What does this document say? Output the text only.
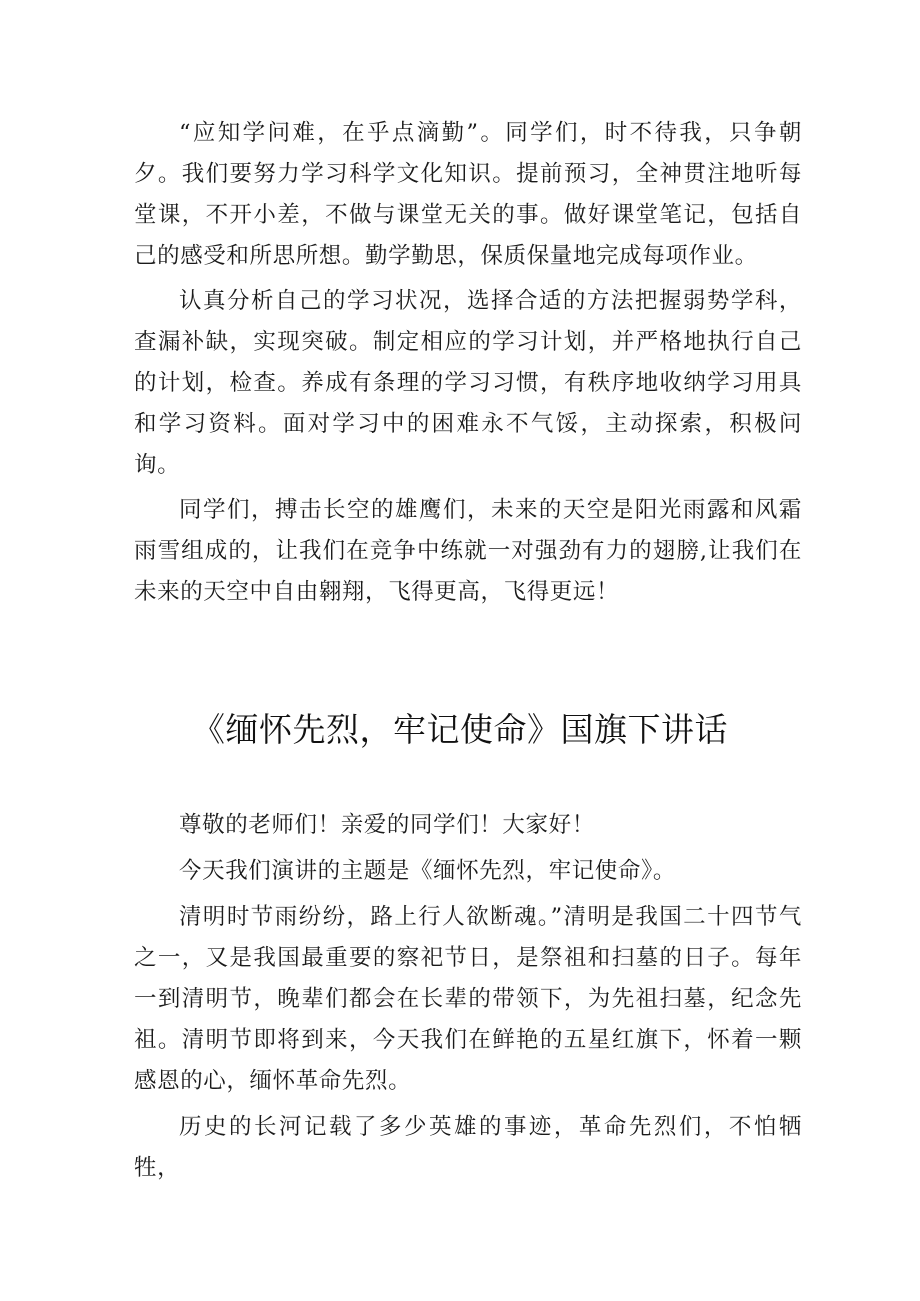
“应知学问难，在乎点滴勤”。同学们，时不待我，只争朝夕。我们要努力学习科学文化知识。提前预习，全神贯注地听每堂课，不开小差，不做与课堂无关的事。做好课堂笔记，包括自己的感受和所思所想。勤学勤思，保质保量地完成每项作业。

认真分析自己的学习状况，选择合适的方法把握弱势学科，查漏补缺，实现突破。制定相应的学习计划，并严格地执行自己的计划，检查。养成有条理的学习习惯，有秩序地收纳学习用具和学习资料。面对学习中的困难永不气馁，主动探索，积极问询。

同学们，搏击长空的雄鹰们，未来的天空是阳光雨露和风霜雨雪组成的，让我们在竞争中练就一对强劲有力的翅膀,让我们在未来的天空中自由翱翔，飞得更高，飞得更远！

《缅怀先烈，牢记使命》国旗下讲话

尊敬的老师们！亲爱的同学们！大家好！

今天我们演讲的主题是《缅怀先烈，牢记使命》。

清明时节雨纷纷，路上行人欲断魂。”清明是我国二十四节气之一，又是我国最重要的察祀节日，是祭祖和扫墓的日子。每年一到清明节，晚辈们都会在长辈的带领下，为先祖扫墓，纪念先祖。清明节即将到来，今天我们在鲜艳的五星红旗下，怀着一颗感恩的心，缅怀革命先烈。

历史的长河记载了多少英雄的事迹，革命先烈们，不怕牺牲，
